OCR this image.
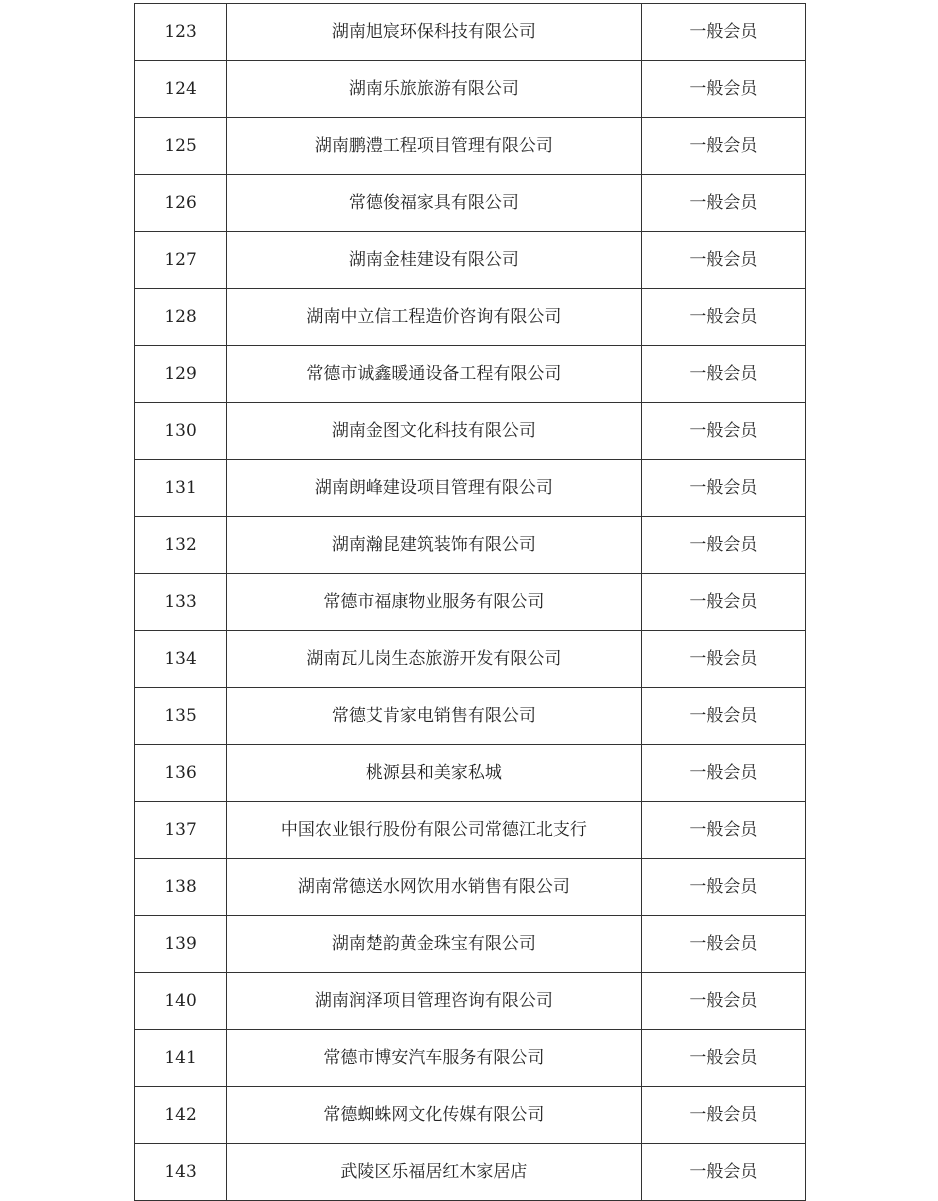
123	湖南旭宸环保科技有限公司	一般会员
124	湖南乐旅旅游有限公司	一般会员
125	湖南鹏澧工程项目管理有限公司	一般会员
126	常德俊福家具有限公司	一般会员
127	湖南金桂建设有限公司	一般会员
128	湖南中立信工程造价咨询有限公司	一般会员
129	常德市诚鑫暖通设备工程有限公司	一般会员
130	湖南金图文化科技有限公司	一般会员
131	湖南朗峰建设项目管理有限公司	一般会员
132	湖南瀚昆建筑装饰有限公司	一般会员
133	常德市福康物业服务有限公司	一般会员
134	湖南瓦儿岗生态旅游开发有限公司	一般会员
135	常德艾肯家电销售有限公司	一般会员
136	桃源县和美家私城	一般会员
137	中国农业银行股份有限公司常德江北支行	一般会员
138	湖南常德送水网饮用水销售有限公司	一般会员
139	湖南楚韵黄金珠宝有限公司	一般会员
140	湖南润泽项目管理咨询有限公司	一般会员
141	常德市博安汽车服务有限公司	一般会员
142	常德蜘蛛网文化传媒有限公司	一般会员
143	武陵区乐福居红木家居店	一般会员
